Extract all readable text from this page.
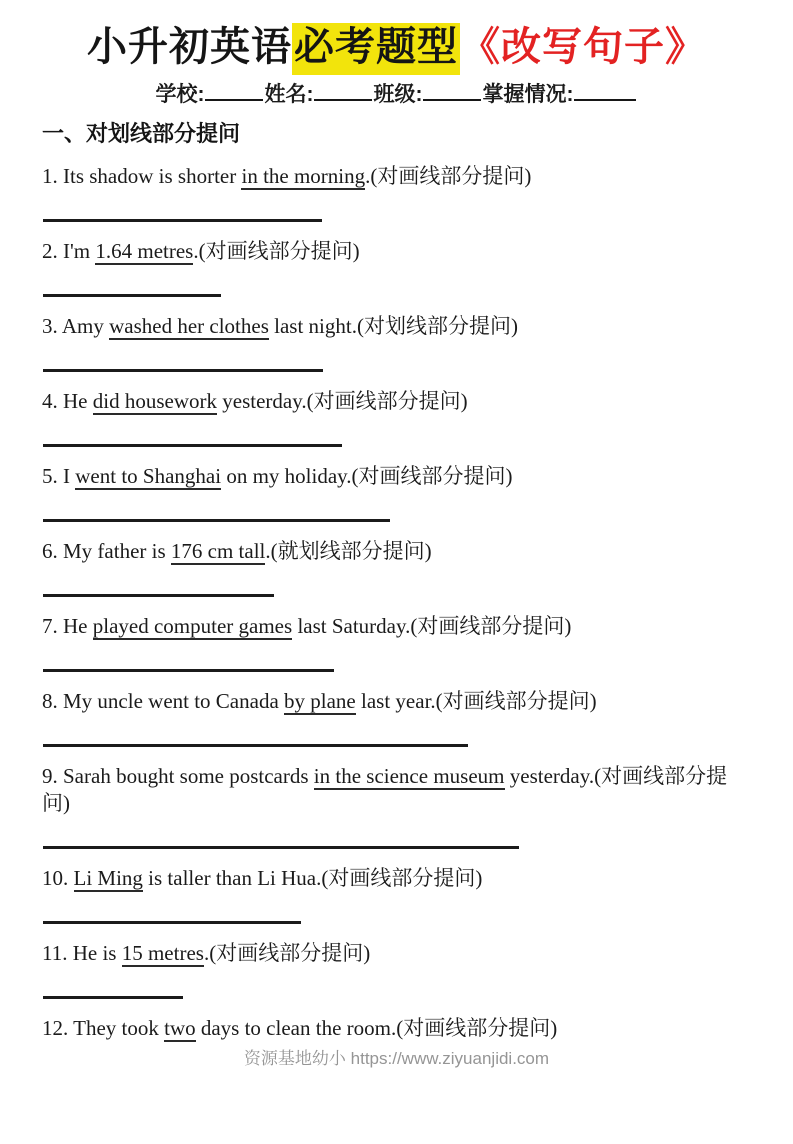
小升初英语必考题型《改写句子》
学校:	姓名:	班级:	掌握情况:
一、对划线部分提问

1. Its shadow is shorter in the morning.(对画线部分提问)

2. I'm 1.64 metres.(对画线部分提问)

3. Amy washed her clothes last night.(对划线部分提问)

4. He did housework yesterday.(对画线部分提问)

5. I went to Shanghai on my holiday.(对画线部分提问)

6. My father is 176 cm tall.(就划线部分提问)

7. He played computer games last Saturday.(对画线部分提问)

8. My uncle went to Canada by plane last year.(对画线部分提问)

9. Sarah bought some postcards in the science museum yesterday.(对画线部分提问)

10. Li Ming is taller than Li Hua.(对画线部分提问)

11. He is 15 metres.(对画线部分提问)

12. They took two days to clean the room.(对画线部分提问)

资源基地幼小 https://www.ziyuanjidi.com
